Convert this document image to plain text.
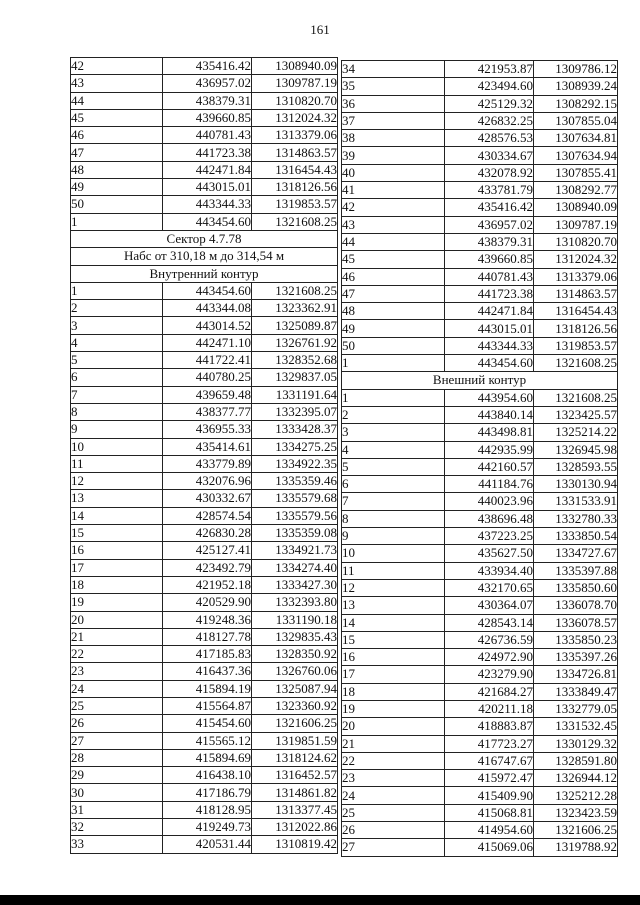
161
42	435416.42	1308940.09
43	436957.02	1309787.19
44	438379.31	1310820.70
45	439660.85	1312024.32
46	440781.43	1313379.06
47	441723.38	1314863.57
48	442471.84	1316454.43
49	443015.01	1318126.56
50	443344.33	1319853.57
1	443454.60	1321608.25
Сектор 4.7.78		
Набс от 310,18 м до 314,54 м		
Внутренний контур		
1	443454.60	1321608.25
2	443344.08	1323362.91
3	443014.52	1325089.87
4	442471.10	1326761.92
5	441722.41	1328352.68
6	440780.25	1329837.05
7	439659.48	1331191.64
8	438377.77	1332395.07
9	436955.33	1333428.37
10	435414.61	1334275.25
11	433779.89	1334922.35
12	432076.96	1335359.46
13	430332.67	1335579.68
14	428574.54	1335579.56
15	426830.28	1335359.08
16	425127.41	1334921.73
17	423492.79	1334274.40
18	421952.18	1333427.30
19	420529.90	1332393.80
20	419248.36	1331190.18
21	418127.78	1329835.43
22	417185.83	1328350.92
23	416437.36	1326760.06
24	415894.19	1325087.94
25	415564.87	1323360.92
26	415454.60	1321606.25
27	415565.12	1319851.59
28	415894.69	1318124.62
29	416438.10	1316452.57
30	417186.79	1314861.82
31	418128.95	1313377.45
32	419249.73	1312022.86
33	420531.44	1310819.42
34	421953.87	1309786.12
35	423494.60	1308939.24
36	425129.32	1308292.15
37	426832.25	1307855.04
38	428576.53	1307634.81
39	430334.67	1307634.94
40	432078.92	1307855.41
41	433781.79	1308292.77
42	435416.42	1308940.09
43	436957.02	1309787.19
44	438379.31	1310820.70
45	439660.85	1312024.32
46	440781.43	1313379.06
47	441723.38	1314863.57
48	442471.84	1316454.43
49	443015.01	1318126.56
50	443344.33	1319853.57
1	443454.60	1321608.25
Внешний контур		
1	443954.60	1321608.25
2	443840.14	1323425.57
3	443498.81	1325214.22
4	442935.99	1326945.98
5	442160.57	1328593.55
6	441184.76	1330130.94
7	440023.96	1331533.91
8	438696.48	1332780.33
9	437223.25	1333850.54
10	435627.50	1334727.67
11	433934.40	1335397.88
12	432170.65	1335850.60
13	430364.07	1336078.70
14	428543.14	1336078.57
15	426736.59	1335850.23
16	424972.90	1335397.26
17	423279.90	1334726.81
18	421684.27	1333849.47
19	420211.18	1332779.05
20	418883.87	1331532.45
21	417723.27	1330129.32
22	416747.67	1328591.80
23	415972.47	1326944.12
24	415409.90	1325212.28
25	415068.81	1323423.59
26	414954.60	1321606.25
27	415069.06	1319788.92
